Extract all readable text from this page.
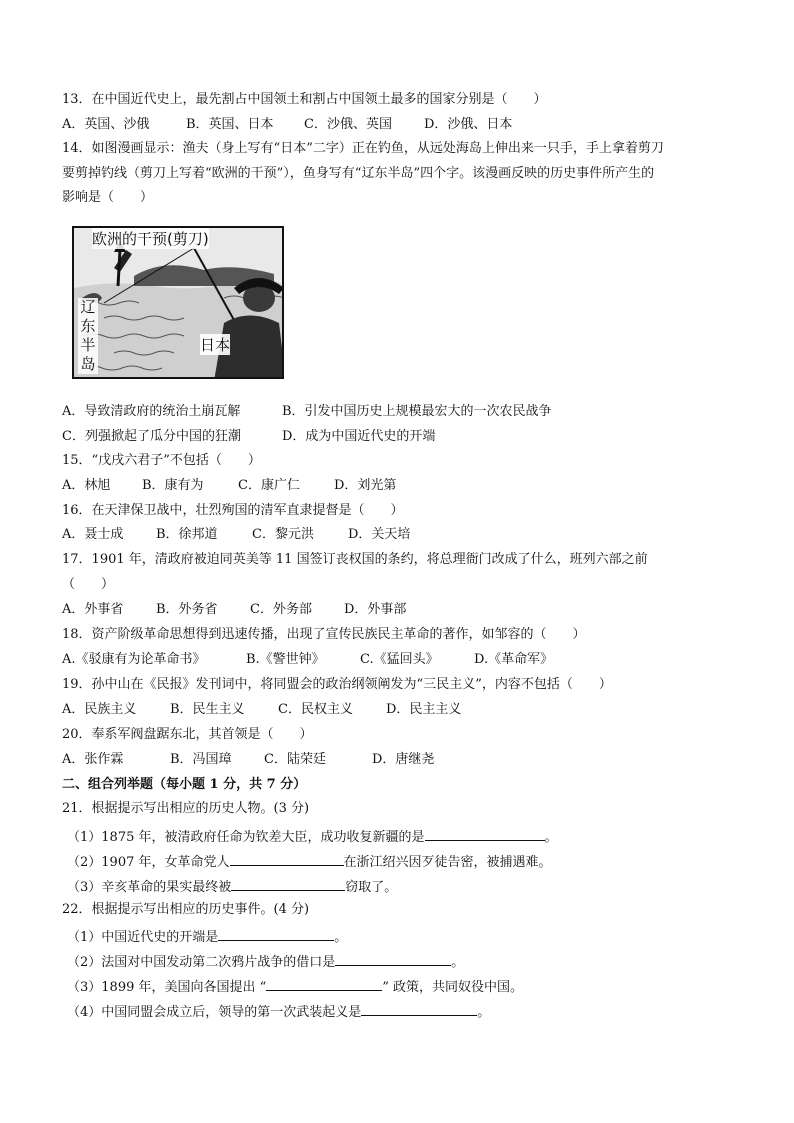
13．在中国近代史上，最先割占中国领土和割占中国领土最多的国家分别是（　　）
A．英国、沙俄	B．英国、日本 C．沙俄、英国 D．沙俄、日本
14．如图漫画显示：渔夫（身上写有“日本”二字）正在钓鱼，从远处海岛上伸出来一只手，手上拿着剪刀
要剪掉钓线（剪刀上写着“欧洲的干预”），鱼身写有“辽东半岛”四个字。该漫画反映的历史事件所产生的
影响是（　　）
欧洲的干预(剪刀)
辽东半岛
日本
A．导致清政府的统治土崩瓦解	B．引发中国历史上规模最宏大的一次农民战争
C．列强掀起了瓜分中国的狂潮	D．成为中国近代史的开端
15．“戊戌六君子”不包括（　　）
A．林旭 B．康有为	C．康广仁	D．刘光第
16．在天津保卫战中，壮烈殉国的清军直隶提督是（　　）
A．聂士成	B．徐邦道	C．黎元洪	D．关天培
17．1901 年，清政府被迫同英美等 11 国签订丧权国的条约，将总理衙门改成了什么，班列六部之前
（　　）
A．外事省	B．外务省 C．外务部 D．外事部
18．资产阶级革命思想得到迅速传播，出现了宣传民族民主革命的著作，如邹容的（　　）
A.《驳康有为论革命书》	B.《警世钟》	C.《猛回头》	D.《革命军》
19．孙中山在《民报》发刊词中，将同盟会的政治纲领阐发为“三民主义”，内容不包括（　　）
A．民族主义	B．民生主义	C．民权主义	D．民主主义
20．奉系军阀盘踞东北，其首领是（　　）
A．张作霖	B．冯国璋 C．陆荣廷	D．唐继尧
二、组合列举题（每小题 1 分，共 7 分）
21．根据提示写出相应的历史人物。(3 分)
（1）1875 年，被清政府任命为钦差大臣，成功收复新疆的是	。
（2）1907 年，女革命党人	在浙江绍兴因歹徒告密，被捕遇难。
（3）辛亥革命的果实最终被	窃取了。
22．根据提示写出相应的历史事件。(4 分)
（1）中国近代史的开端是	。
（2）法国对中国发动第二次鸦片战争的借口是	。
（3）1899 年，美国向各国提出 “	” 政策，共同奴役中国。
（4）中国同盟会成立后，领导的第一次武装起义是	。
